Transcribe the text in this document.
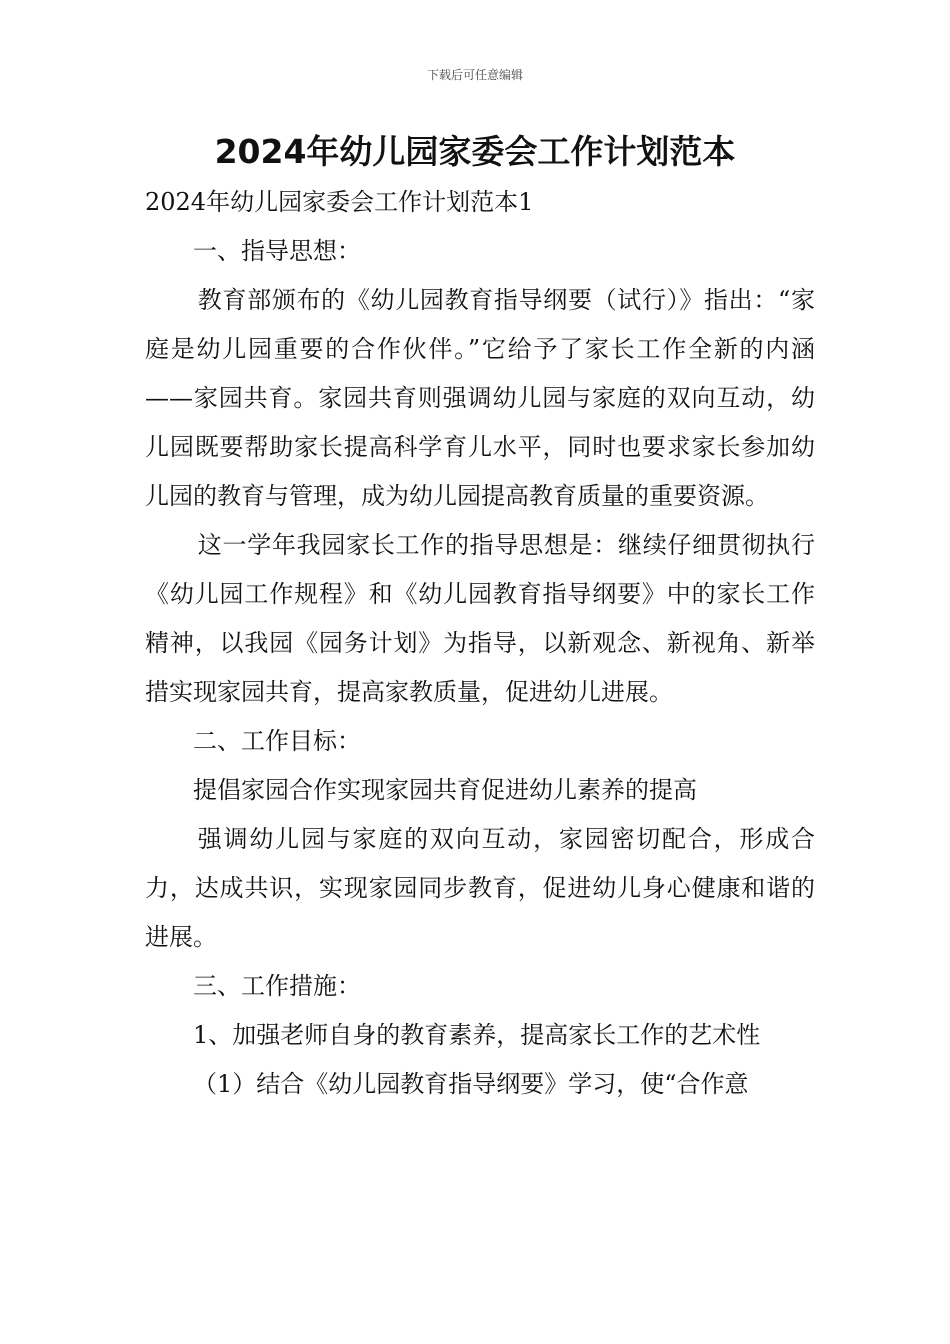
下载后可任意编辑
2024年幼儿园家委会工作计划范本

2024年幼儿园家委会工作计划范本1

一、指导思想：

教育部颁布的《幼儿园教育指导纲要（试行）》指出：“家庭是幼儿园重要的合作伙伴。”它给予了家长工作全新的内涵——家园共育。家园共育则强调幼儿园与家庭的双向互动，幼儿园既要帮助家长提高科学育儿水平，同时也要求家长参加幼儿园的教育与管理，成为幼儿园提高教育质量的重要资源。

这一学年我园家长工作的指导思想是：继续仔细贯彻执行《幼儿园工作规程》和《幼儿园教育指导纲要》中的家长工作精神，以我园《园务计划》为指导，以新观念、新视角、新举措实现家园共育，提高家教质量，促进幼儿进展。

二、工作目标：

提倡家园合作实现家园共育促进幼儿素养的提高

强调幼儿园与家庭的双向互动，家园密切配合，形成合力，达成共识，实现家园同步教育，促进幼儿身心健康和谐的进展。

三、工作措施：

1、加强老师自身的教育素养，提高家长工作的艺术性

（1）结合《幼儿园教育指导纲要》学习，使“合作意
